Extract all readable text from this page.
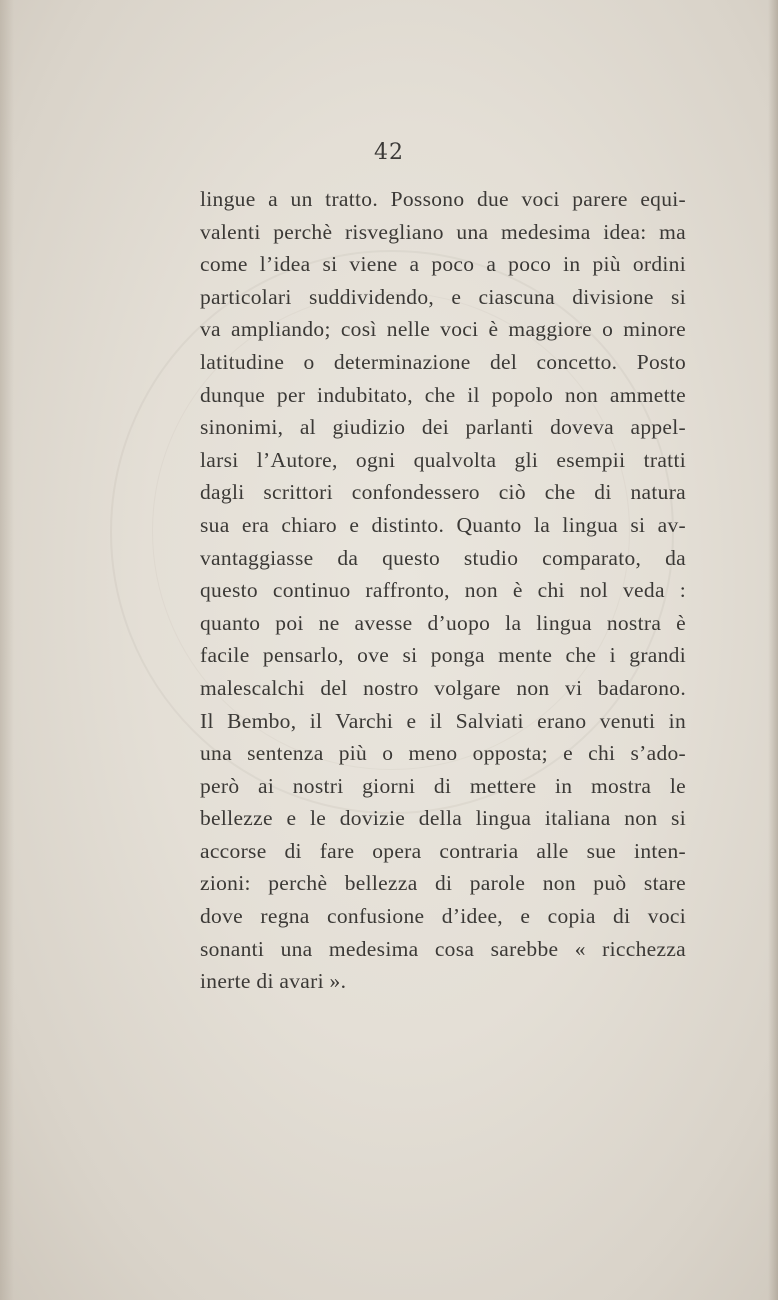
42
lingue a un tratto. Possono due voci parere equi-
valenti perchè risvegliano una medesima idea: ma
come l’idea si viene a poco a poco in più ordini
particolari suddividendo, e ciascuna divisione si
va ampliando; così nelle voci è maggiore o minore
latitudine o determinazione del concetto. Posto
dunque per indubitato, che il popolo non ammette
sinonimi, al giudizio dei parlanti doveva appel-
larsi l’Autore, ogni qualvolta gli esempii tratti
dagli scrittori confondessero ciò che di natura
sua era chiaro e distinto. Quanto la lingua si av-
vantaggiasse da questo studio comparato, da
questo continuo raffronto, non è chi nol veda :
quanto poi ne avesse d’uopo la lingua nostra è
facile pensarlo, ove si ponga mente che i grandi
malescalchi del nostro volgare non vi badarono.
Il Bembo, il Varchi e il Salviati erano venuti in
una sentenza più o meno opposta; e chi s’ado-
però ai nostri giorni di mettere in mostra le
bellezze e le dovizie della lingua italiana non si
accorse di fare opera contraria alle sue inten-
zioni: perchè bellezza di parole non può stare
dove regna confusione d’idee, e copia di voci
sonanti una medesima cosa sarebbe « ricchezza
inerte di avari ».
